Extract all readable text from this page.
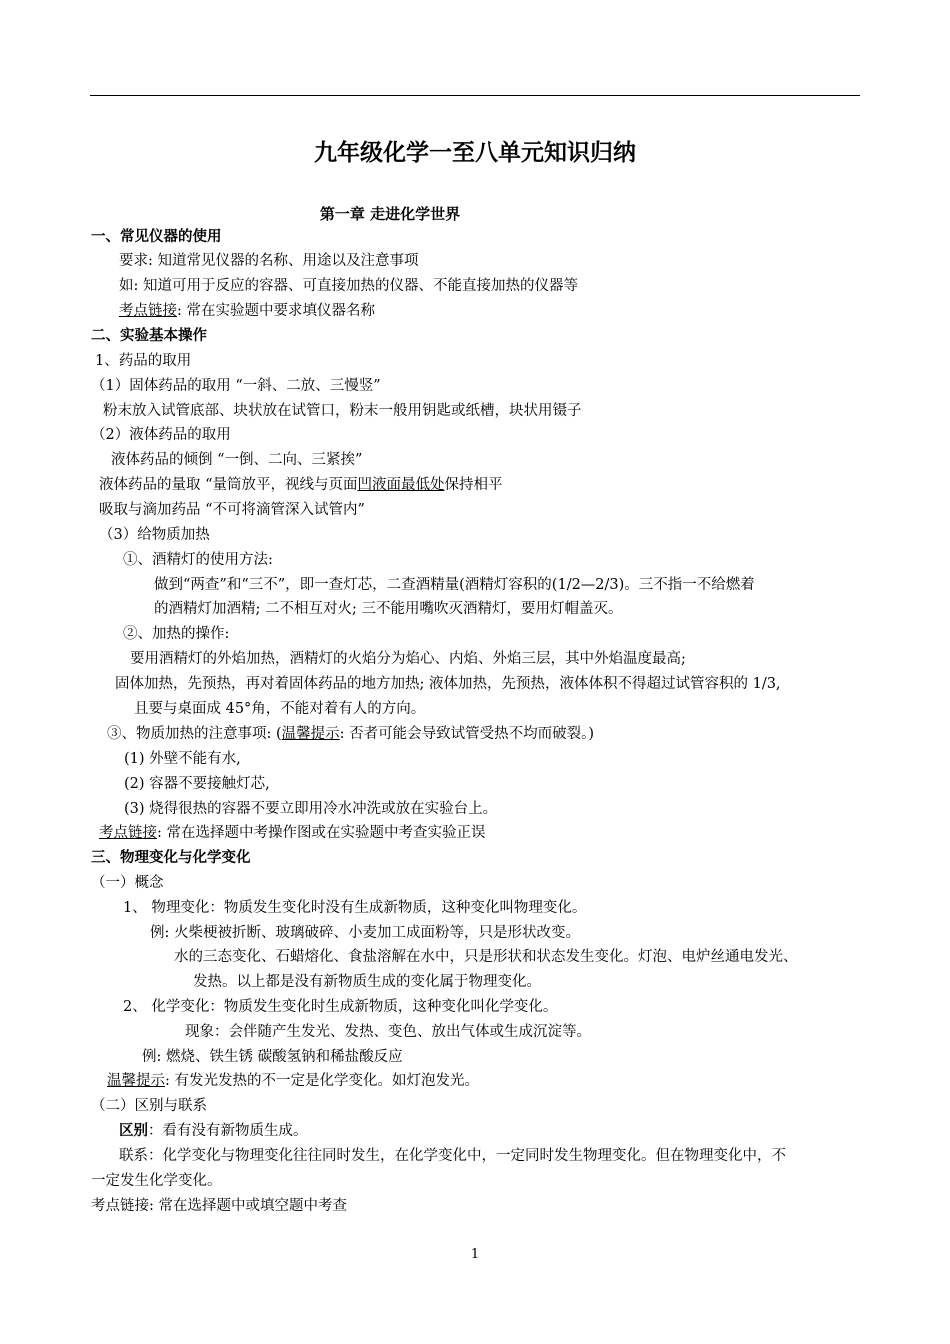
九年级化学一至八单元知识归纳
第一章 走进化学世界
一、常见仪器的使用
要求: 知道常见仪器的名称、用途以及注意事项
如: 知道可用于反应的容器、可直接加热的仪器、不能直接加热的仪器等
考点链接: 常在实验题中要求填仪器名称
二、实验基本操作
1、药品的取用
（1）固体药品的取用 “一斜、二放、三慢竖”
粉末放入试管底部、块状放在试管口，粉末一般用钥匙或纸槽，块状用镊子
（2）液体药品的取用
液体药品的倾倒 “一倒、二向、三紧挨”
液体药品的量取 “量筒放平，视线与页面凹液面最低处保持相平
吸取与滴加药品 “不可将滴管深入试管内”
（3）给物质加热
①、酒精灯的使用方法:
做到“两查”和“三不”，即一查灯芯，二查酒精量(酒精灯容积的(1/2—2/3)。三不指一不给燃着
的酒精灯加酒精; 二不相互对火; 三不能用嘴吹灭酒精灯，要用灯帽盖灭。
②、加热的操作:
要用酒精灯的外焰加热，酒精灯的火焰分为焰心、内焰、外焰三层，其中外焰温度最高;
固体加热，先预热，再对着固体药品的地方加热; 液体加热，先预热，液体体积不得超过试管容积的 1/3,
且要与桌面成 45°角，不能对着有人的方向。
③、物质加热的注意事项: (温馨提示: 否者可能会导致试管受热不均而破裂。)
(1) 外壁不能有水,
(2) 容器不要接触灯芯,
(3) 烧得很热的容器不要立即用冷水冲洗或放在实验台上。
考点链接: 常在选择题中考操作图或在实验题中考查实验正误
三、物理变化与化学变化
（一）概念
1、 物理变化：物质发生变化时没有生成新物质，这种变化叫物理变化。
例: 火柴梗被折断、玻璃破碎、小麦加工成面粉等，只是形状改变。
水的三态变化、石蜡熔化、食盐溶解在水中，只是形状和状态发生变化。灯泡、电炉丝通电发光、
发热。以上都是没有新物质生成的变化属于物理变化。
2、 化学变化：物质发生变化时生成新物质，这种变化叫化学变化。
现象：会伴随产生发光、发热、变色、放出气体或生成沉淀等。
例: 燃烧、铁生锈 碳酸氢钠和稀盐酸反应
温馨提示: 有发光发热的不一定是化学变化。如灯泡发光。
（二）区别与联系
区别：看有没有新物质生成。
联系：化学变化与物理变化往往同时发生，在化学变化中，一定同时发生物理变化。但在物理变化中，不
一定发生化学变化。
考点链接: 常在选择题中或填空题中考查
1
